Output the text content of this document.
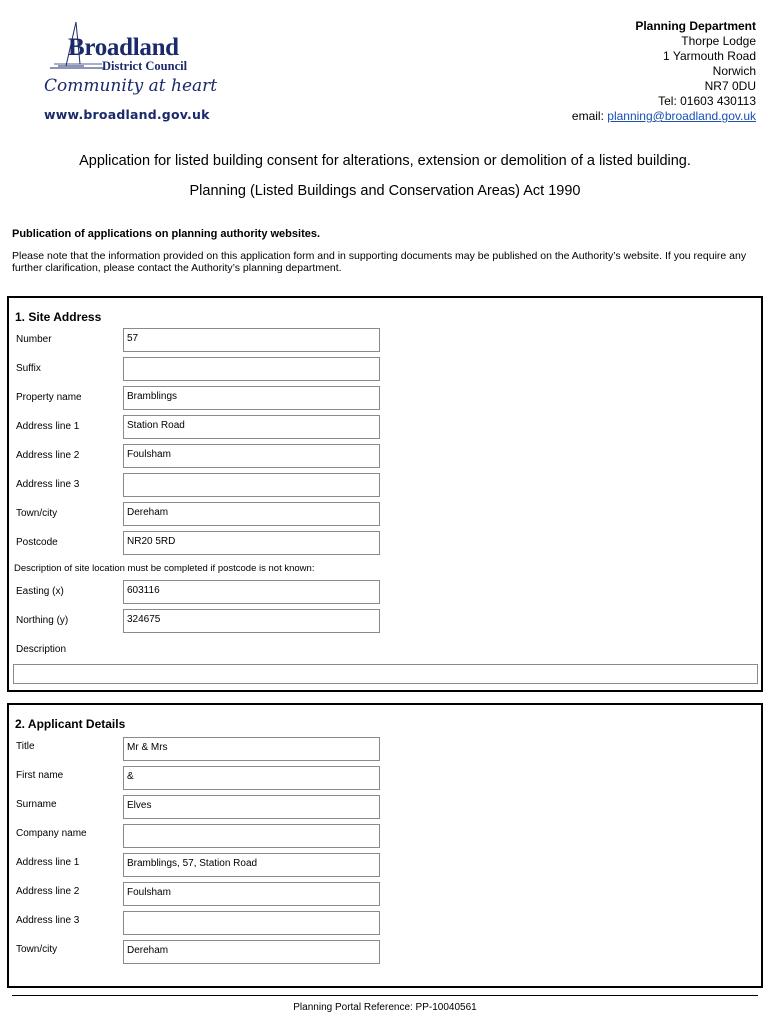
Broadland
District Council
Community at heart
www.broadland.gov.uk
Planning Department
Thorpe Lodge
1 Yarmouth Road
Norwich
NR7 0DU
Tel: 01603 430113
email: planning@broadland.gov.uk
Application for listed building consent for alterations, extension or demolition of a listed building.
Planning (Listed Buildings and Conservation Areas) Act 1990
Publication of applications on planning authority websites.
Please note that the information provided on this application form and in supporting documents may be published on the Authority’s website. If you require any further clarification, please contact the Authority’s planning department.
1. Site Address
Number	57
Suffix
Property name	Bramblings
Address line 1	Station Road
Address line 2	Foulsham
Address line 3
Town/city	Dereham
Postcode	NR20 5RD
Description of site location must be completed if postcode is not known:
Easting (x)	603116
Northing (y)	324675
Description
2. Applicant Details
Title	Mr & Mrs
First name	&
Surname	Elves
Company name
Address line 1	Bramblings, 57, Station Road
Address line 2	Foulsham
Address line 3
Town/city	Dereham
Planning Portal Reference: PP-10040561
